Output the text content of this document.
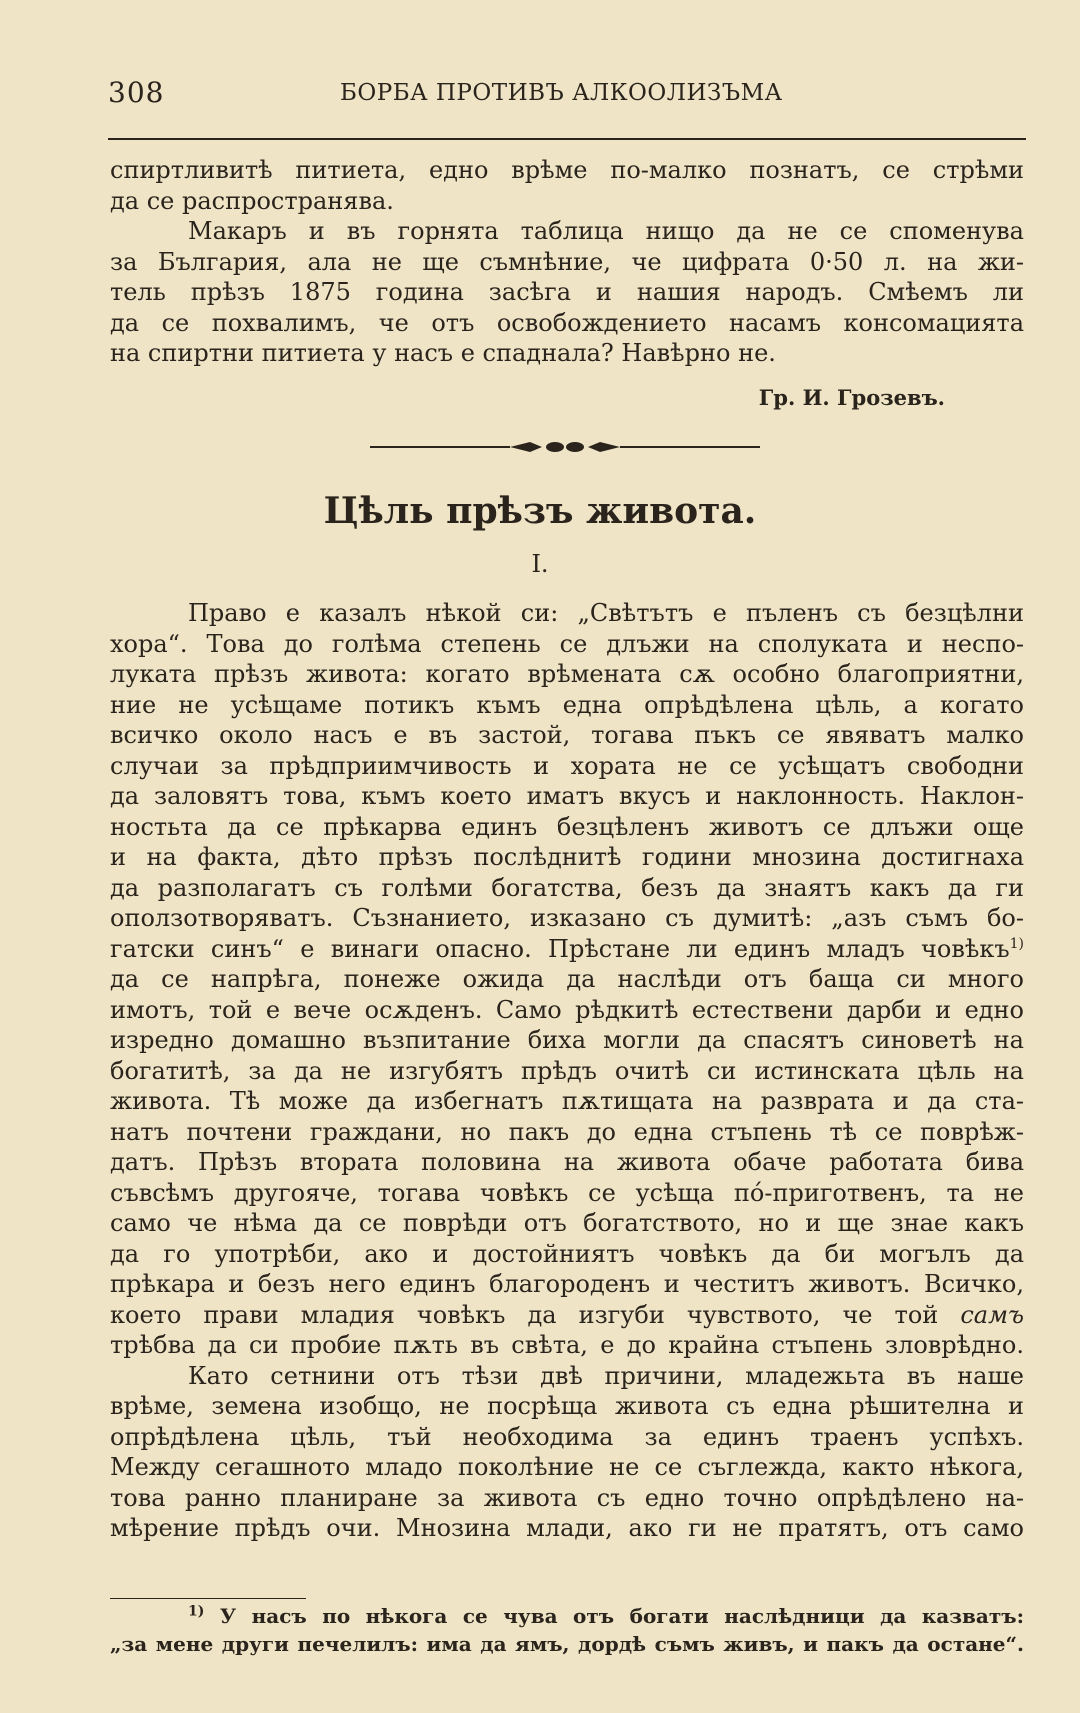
308	БОРБА ПРОТИВЪ АЛКООЛИЗЪМА
спиртливитѣ питиета, едно врѣме по-малко познатъ, се стрѣми
да се распространява.
Макаръ и въ горнята таблица нищо да не се споменува
за България, ала не ще съмнѣние, че цифрата 0·50 л. на жи-
тель прѣзъ 1875 година засѣга и нашия народъ. Смѣемъ ли
да се похвалимъ, че отъ освобождението насамъ консомацията
на спиртни питиета у насъ е спаднала? Навѣрно не.
Гр. И. Грозевъ.
Цѣль прѣзъ живота.
I.
Право е казалъ нѣкой си: „Свѣтътъ е пъленъ съ безцѣлни
хора“. Това до голѣма степень се длъжи на сполуката и неспо-
луката прѣзъ живота: когато врѣмената сѫ особно благоприятни,
ние не усѣщаме потикъ къмъ една опрѣдѣлена цѣль, а когато
всичко около насъ е въ застой, тогава пъкъ се явяватъ малко
случаи за прѣдприимчивость и хората не се усѣщатъ свободни
да заловятъ това, къмъ което иматъ вкусъ и наклонность. Наклон-
ностьта да се прѣкарва единъ безцѣленъ животъ се длъжи още
и на факта, дѣто прѣзъ послѣднитѣ години мнозина достигнаха
да разполагатъ съ голѣми богатства, безъ да знаятъ какъ да ги
оползотворяватъ. Съзнанието, изказано съ думитѣ: „азъ съмъ бо-
гатски синъ“ e винаги опасно. Прѣстане ли единъ младъ човѣкъ$^{1)}$
да се напрѣга, понеже ожида да наслѣди отъ баща си много
имотъ, той е вече осѫденъ. Само рѣдкитѣ естествени дарби и едно
изредно домашно възпитание биха могли да спасятъ синоветѣ на
богатитѣ, за да не изгубятъ прѣдъ очитѣ си истинската цѣль на
живота. Тѣ може да избегнатъ пѫтищата на разврата и да ста-
натъ почтени граждани, но пакъ до една стъпень тѣ се поврѣж-
датъ. Прѣзъ втората половина на живота обаче работата бива
съвсѣмъ другояче, тогава човѣкъ се усѣща по́-приготвенъ, та не
само че нѣма да се поврѣди отъ богатството, но и ще знае какъ
да го употрѣби, ако и достойниятъ човѣкъ да би могълъ да
прѣкара и безъ него единъ благороденъ и честитъ животъ. Всичко,
което прави младия човѣкъ да изгуби чувството, че той самъ
трѣбва да си пробие пѫть въ свѣта, е до крайна стъпень зловрѣдно.
Като сетнини отъ тѣзи двѣ причини, младежьта въ наше
врѣме, земена изобщо, не посрѣща живота съ една рѣшителна и
опрѣдѣлена цѣль, тъй необходима за единъ траенъ успѣхъ.
Между сегашното младо поколѣние не се съглежда, както нѣкога,
това ранно планиране за живота съ едно точно опрѣдѣлено на-
мѣрение прѣдъ очи. Мнозина млади, ако ги не пратятъ, отъ само
$^{1)}$ У насъ по нѣкога се чува отъ богати наслѣдници да казватъ:
„за мене други печелилъ: има да ямъ, дордѣ съмъ живъ, и пакъ да остане“.
